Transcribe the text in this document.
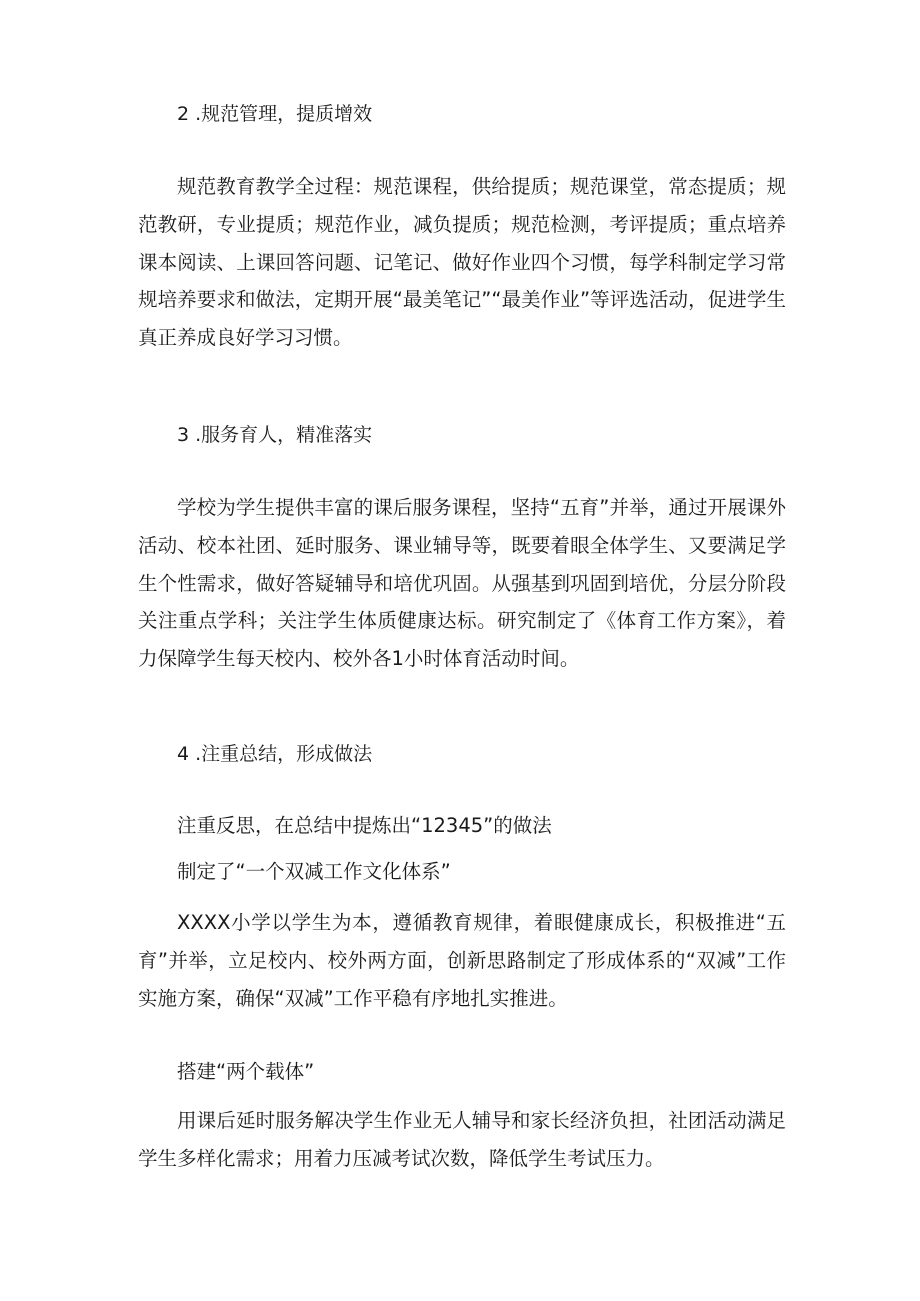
2 .规范管理，提质增效

规范教育教学全过程：规范课程，供给提质；规范课堂，常态提质；规范教研，专业提质；规范作业，减负提质；规范检测，考评提质；重点培养课本阅读、上课回答问题、记笔记、做好作业四个习惯，每学科制定学习常规培养要求和做法，定期开展“最美笔记”“最美作业”等评选活动，促进学生真正养成良好学习习惯。

3 .服务育人，精准落实

学校为学生提供丰富的课后服务课程，坚持“五育”并举，通过开展课外活动、校本社团、延时服务、课业辅导等，既要着眼全体学生、又要满足学生个性需求，做好答疑辅导和培优巩固。从强基到巩固到培优，分层分阶段关注重点学科；关注学生体质健康达标。研究制定了《体育工作方案》，着力保障学生每天校内、校外各1小时体育活动时间。

4 .注重总结，形成做法
注重反思，在总结中提炼出“12345”的做法
制定了“一个双减工作文化体系”

XXXX小学以学生为本，遵循教育规律，着眼健康成长，积极推进“五育”并举，立足校内、校外两方面，创新思路制定了形成体系的“双减”工作实施方案，确保“双减”工作平稳有序地扎实推进。

搭建“两个载体”

用课后延时服务解决学生作业无人辅导和家长经济负担，社团活动满足学生多样化需求；用着力压减考试次数，降低学生考试压力。
